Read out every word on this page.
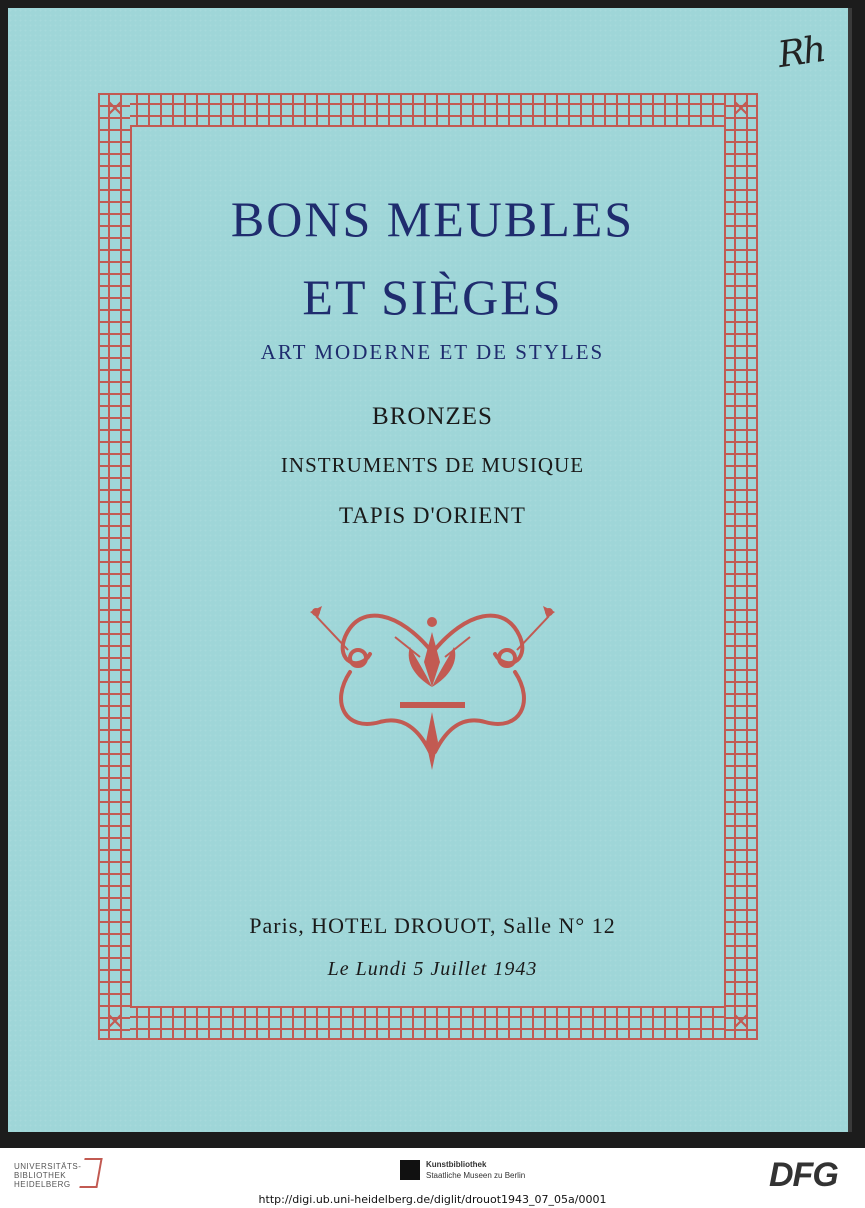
Rh
✕	✕
✕	✕
BONS MEUBLES
ET SIÈGES
ART MODERNE ET DE STYLES
BRONZES
INSTRUMENTS DE MUSIQUE
TAPIS D'ORIENT
Paris, HOTEL DROUOT, Salle N° 12
Le Lundi 5 Juillet 1943
UNIVERSITÄTS-
BIBLIOTHEK
HEIDELBERG
Kunstbibliothek
Staatliche Museen zu Berlin	DFG
http://digi.ub.uni-heidelberg.de/diglit/drouot1943_07_05a/0001
